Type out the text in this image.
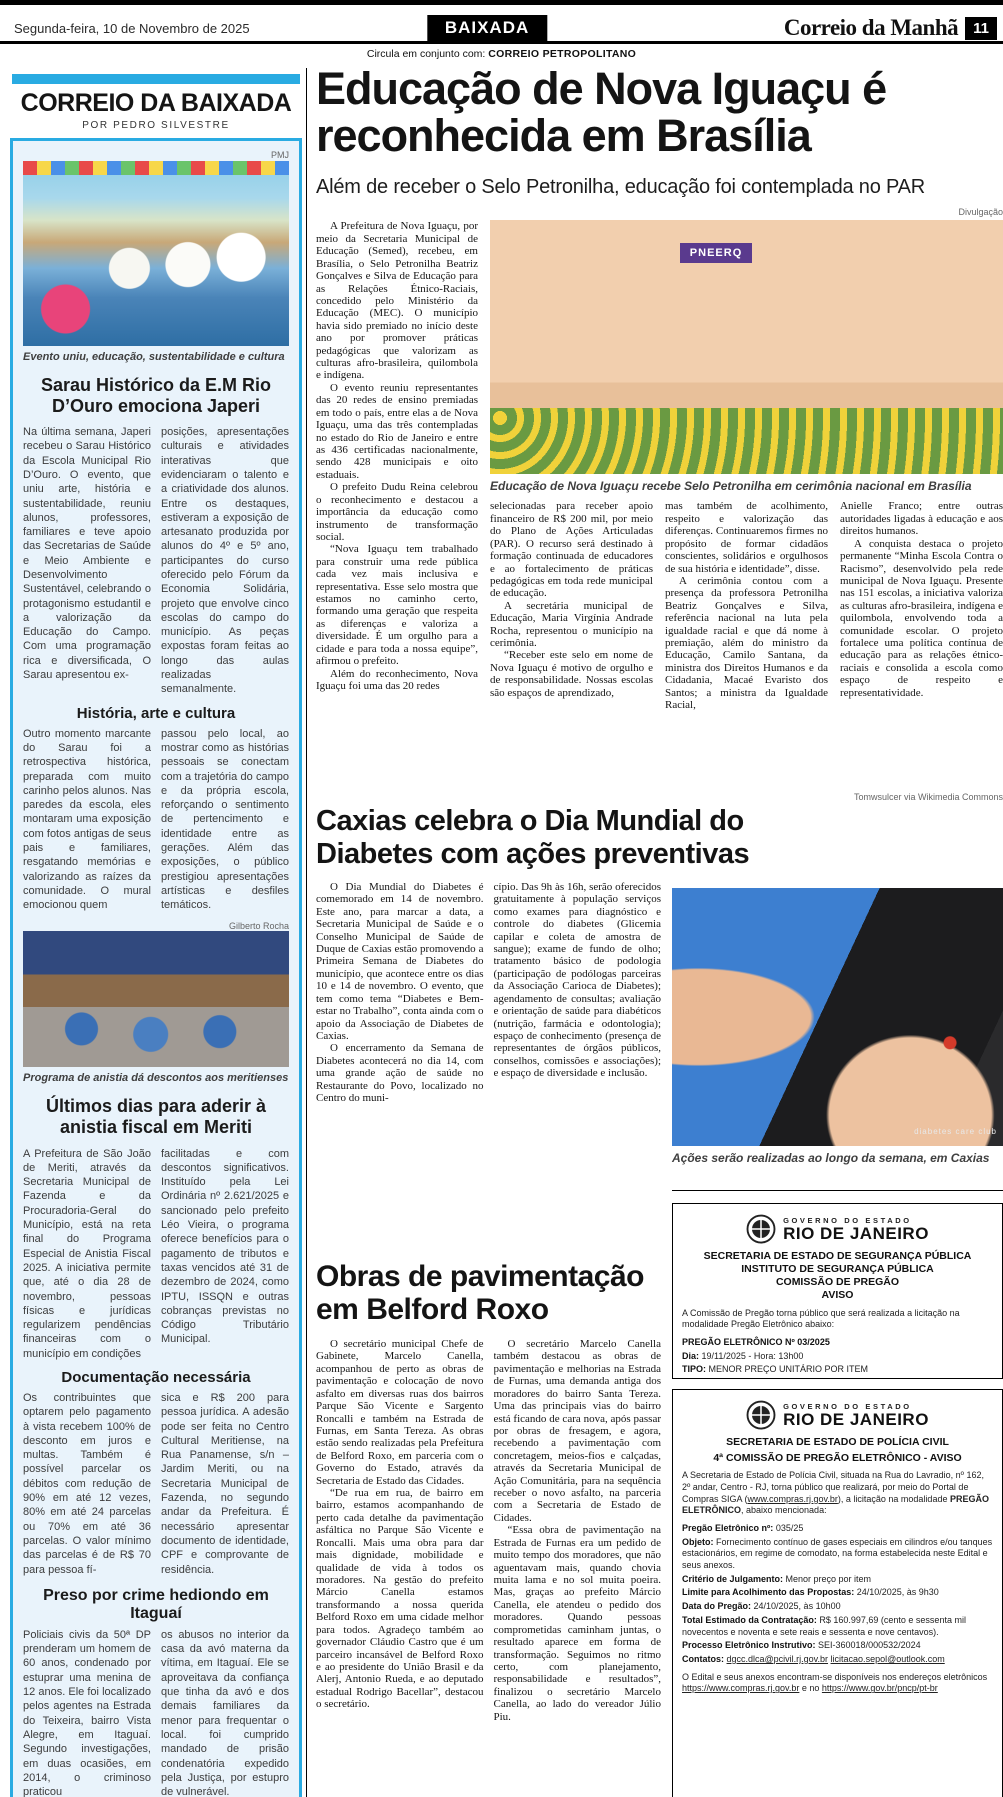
Segunda-feira, 10 de Novembro de 2025	BAIXADA	Correio da Manhã	11
Circula em conjunto com: CORREIO PETROPOLITANO
CORREIO DA BAIXADA
POR PEDRO SILVESTRE
PMJ
Evento uniu, educação, sustentabilidade e cultura
Sarau Histórico da E.M Rio D’Ouro emociona Japeri
Na última semana, Japeri recebeu o Sarau Histórico da Escola Municipal Rio D’Ouro. O evento, que uniu arte, história e sustentabilidade, reuniu alunos, professores, familiares e teve apoio das Secretarias de Saúde e Meio Ambiente e Desenvolvimento Sustentável, celebrando o protagonismo estudantil e a valorização da Educação do Campo. Com uma programação rica e diversificada, O Sarau apresentou ex-
posições, apresentações culturais e atividades interativas que evidenciaram o talento e a criatividade dos alunos. Entre os destaques, estiveram a exposição de artesanato produzida por alunos do 4º e 5º ano, participantes do curso oferecido pelo Fórum da Economia Solidária, projeto que envolve cinco escolas do campo do município. As peças expostas foram feitas ao longo das aulas realizadas semanalmente.
História, arte e cultura
Outro momento marcante do Sarau foi a retrospectiva histórica, preparada com muito carinho pelos alunos. Nas paredes da escola, eles montaram uma exposição com fotos antigas de seus pais e familiares, resgatando memórias e valorizando as raízes da comunidade. O mural emocionou quem
passou pelo local, ao mostrar como as histórias pessoais se conectam com a trajetória do campo e da própria escola, reforçando o sentimento de pertencimento e identidade entre as gerações. Além das exposições, o público prestigiou apresentações artísticas e desfiles temáticos.
Gilberto Rocha
Programa de anistia dá descontos aos meritienses
Últimos dias para aderir à anistia fiscal em Meriti
A Prefeitura de São João de Meriti, através da Secretaria Municipal de Fazenda e da Procuradoria-Geral do Município, está na reta final do Programa Especial de Anistia Fiscal 2025. A iniciativa permite que, até o dia 28 de novembro, pessoas físicas e jurídicas regularizem pendências financeiras com o município em condições
facilitadas e com descontos significativos. Instituído pela Lei Ordinária nº 2.621/2025 e sancionado pelo prefeito Léo Vieira, o programa oferece benefícios para o pagamento de tributos e taxas vencidos até 31 de dezembro de 2024, como IPTU, ISSQN e outras cobranças previstas no Código Tributário Municipal.
Documentação necessária
Os contribuintes que optarem pelo pagamento à vista recebem 100% de desconto em juros e multas. Também é possível parcelar os débitos com redução de 90% em até 12 vezes, 80% em até 24 parcelas ou 70% em até 36 parcelas. O valor mínimo das parcelas é de R$ 70 para pessoa fí-
sica e R$ 200 para pessoa jurídica. A adesão pode ser feita no Centro Cultural Meritiense, na Rua Panamense, s/n – Jardim Meriti, ou na Secretaria Municipal de Fazenda, no segundo andar da Prefeitura. É necessário apresentar documento de identidade, CPF e comprovante de residência.
Preso por crime hediondo em Itaguaí
Policiais civis da 50ª DP prenderam um homem de 60 anos, condenado por estuprar uma menina de 12 anos. Ele foi localizado pelos agentes na Estrada do Teixeira, bairro Vista Alegre, em Itaguaí. Segundo investigações, em duas ocasiões, em 2014, o criminoso praticou
os abusos no interior da casa da avó materna da vítima, em Itaguaí. Ele se aproveitava da confiança que tinha da avó e dos demais familiares da menor para frequentar o local. foi cumprido mandado de prisão condenatória expedido pela Justiça, por estupro de vulnerável.
Educação de Nova Iguaçu é reconhecida em Brasília
Além de receber o Selo Petronilha, educação foi contemplada no PAR
Divulgação

A Prefeitura de Nova Iguaçu, por meio da Secretaria Municipal de Educação (Semed), recebeu, em Brasília, o Selo Petronilha Beatriz Gonçalves e Silva de Educação para as Relações Étnico-Raciais, concedido pelo Ministério da Educação (MEC). O município havia sido premiado no início deste ano por promover práticas pedagógicas que valorizam as culturas afro-brasileira, quilombola e indígena.

O evento reuniu representantes das 20 redes de ensino premiadas em todo o país, entre elas a de Nova Iguaçu, uma das três contempladas no estado do Rio de Janeiro e entre as 436 certificadas nacionalmente, sendo 428 municipais e oito estaduais.

O prefeito Dudu Reina celebrou o reconhecimento e destacou a importância da educação como instrumento de transformação social.

“Nova Iguaçu tem trabalhado para construir uma rede pública cada vez mais inclusiva e representativa. Esse selo mostra que estamos no caminho certo, formando uma geração que respeita as diferenças e valoriza a diversidade. É um orgulho para a cidade e para toda a nossa equipe”, afirmou o prefeito.

Além do reconhecimento, Nova Iguaçu foi uma das 20 redes

PNEERQ
Educação de Nova Iguaçu recebe Selo Petronilha em cerimônia nacional em Brasília

selecionadas para receber apoio financeiro de R$ 200 mil, por meio do Plano de Ações Articuladas (PAR). O recurso será destinado à formação continuada de educadores e ao fortalecimento de práticas pedagógicas em toda rede municipal de educação.

A secretária municipal de Educação, Maria Virgínia Andrade Rocha, representou o município na cerimônia.

“Receber este selo em nome de Nova Iguaçu é motivo de orgulho e de responsabilidade. Nossas escolas são espaços de aprendizado,

mas também de acolhimento, respeito e valorização das diferenças. Continuaremos firmes no propósito de formar cidadãos conscientes, solidários e orgulhosos de sua história e identidade”, disse.

A cerimônia contou com a presença da professora Petronilha Beatriz Gonçalves e Silva, referência nacional na luta pela igualdade racial e que dá nome à premiação, além do ministro da Educação, Camilo Santana, da ministra dos Direitos Humanos e da Cidadania, Macaé Evaristo dos Santos; a ministra da Igualdade Racial,

Anielle Franco; entre outras autoridades ligadas à educação e aos direitos humanos.

A conquista destaca o projeto permanente “Minha Escola Contra o Racismo”, desenvolvido pela rede municipal de Nova Iguaçu. Presente nas 151 escolas, a iniciativa valoriza as culturas afro-brasileira, indígena e quilombola, envolvendo toda a comunidade escolar. O projeto fortalece uma política contínua de educação para as relações étnico-raciais e consolida a escola como espaço de respeito e representatividade.

Tomwsulcer via Wikimedia Commons
Caxias celebra o Dia Mundial do Diabetes com ações preventivas

O Dia Mundial do Diabetes é comemorado em 14 de novembro. Este ano, para marcar a data, a Secretaria Municipal de Saúde e o Conselho Municipal de Saúde de Duque de Caxias estão promovendo a Primeira Semana de Diabetes do município, que acontece entre os dias 10 e 14 de novembro. O evento, que tem como tema “Diabetes e Bem-estar no Trabalho”, conta ainda com o apoio da Associação de Diabetes de Caxias.

O encerramento da Semana de Diabetes acontecerá no dia 14, com uma grande ação de saúde no Restaurante do Povo, localizado no Centro do muni-

cípio. Das 9h às 16h, serão oferecidos gratuitamente à população serviços como exames para diagnóstico e controle do diabetes (Glicemia capilar e coleta de amostra de sangue); exame de fundo de olho; tratamento básico de podologia (participação de podólogas parceiras da Associação Carioca de Diabetes); agendamento de consultas; avaliação e orientação de saúde para diabéticos (nutrição, farmácia e odontologia); espaço de conhecimento (presença de representantes de órgãos públicos, conselhos, comissões e associações); e espaço de diversidade e inclusão.

diabetes care club
Ações serão realizadas ao longo da semana, em Caxias
Obras de pavimentação em Belford Roxo

O secretário municipal Chefe de Gabinete, Marcelo Canella, acompanhou de perto as obras de pavimentação e colocação de novo asfalto em diversas ruas dos bairros Parque São Vicente e Sargento Roncalli e também na Estrada de Furnas, em Santa Tereza. As obras estão sendo realizadas pela Prefeitura de Belford Roxo, em parceria com o Governo do Estado, através da Secretaria de Estado das Cidades.

“De rua em rua, de bairro em bairro, estamos acompanhando de perto cada detalhe da pavimentação asfáltica no Parque São Vicente e Roncalli. Mais uma obra para dar mais dignidade, mobilidade e qualidade de vida à todos os moradores. Na gestão do prefeito Márcio Canella estamos transformando a nossa querida Belford Roxo em uma cidade melhor para todos. Agradeço também ao governador Cláudio Castro que é um parceiro incansável de Belford Roxo e ao presidente do União Brasil e da Alerj, Antonio Rueda, e ao deputado estadual Rodrigo Bacellar”, destacou o secretário.

O secretário Marcelo Canella também destacou as obras de pavimentação e melhorias na Estrada de Furnas, uma demanda antiga dos moradores do bairro Santa Tereza. Uma das principais vias do bairro está ficando de cara nova, após passar por obras de fresagem, e agora, recebendo a pavimentação com concretagem, meios-fios e calçadas, através da Secretaria Municipal de Ação Comunitária, para na sequência receber o novo asfalto, na parceria com a Secretaria de Estado de Cidades.

“Essa obra de pavimentação na Estrada de Furnas era um pedido de muito tempo dos moradores, que não aguentavam mais, quando chovia muita lama e no sol muita poeira. Mas, graças ao prefeito Márcio Canella, ele atendeu o pedido dos moradores. Quando pessoas comprometidas caminham juntas, o resultado aparece em forma de transformação. Seguimos no ritmo certo, com planejamento, responsabilidade e resultados”, finalizou o secretário Marcelo Canella, ao lado do vereador Júlio Piu.

GOVERNO DO ESTADO
RIO DE JANEIRO
SECRETARIA DE ESTADO DE SEGURANÇA PÚBLICA
INSTITUTO DE SEGURANÇA PÚBLICA
COMISSÃO DE PREGÃO
AVISO

A Comissão de Pregão torna público que será realizada a licitação na modalidade Pregão Eletrônico abaixo:

PREGÃO ELETRÔNICO Nº 03/2025
Dia: 19/11/2025 - Hora: 13h00
TIPO: MENOR PREÇO UNITÁRIO POR ITEM
GOVERNO DO ESTADO
RIO DE JANEIRO
SECRETARIA DE ESTADO DE POLÍCIA CIVIL
4ª COMISSÃO DE PREGÃO ELETRÔNICO - AVISO

A Secretaria de Estado de Polícia Civil, situada na Rua do Lavradio, nº 162, 2º andar, Centro - RJ, torna público que realizará, por meio do Portal de Compras SIGA (www.compras.rj.gov.br), a licitação na modalidade PREGÃO ELETRÔNICO, abaixo mencionada:

Pregão Eletrônico nº: 035/25
Objeto: Fornecimento contínuo de gases especiais em cilindros e/ou tanques estacionários, em regime de comodato, na forma estabelecida neste Edital e seus anexos.
Critério de Julgamento: Menor preço por item
Limite para Acolhimento das Propostas: 24/10/2025, às 9h30
Data do Pregão: 24/10/2025, às 10h00
Total Estimado da Contratação: R$ 160.997,69 (cento e sessenta mil novecentos e noventa e sete reais e sessenta e nove centavos).
Processo Eletrônico Instrutivo: SEI-360018/000532/2024
Contatos: dgcc.dlca@pcivil.rj.gov.br licitacao.sepol@outlook.com

O Edital e seus anexos encontram-se disponíveis nos endereços eletrônicos https://www.compras.rj.gov.br e no https://www.gov.br/pncp/pt-br
